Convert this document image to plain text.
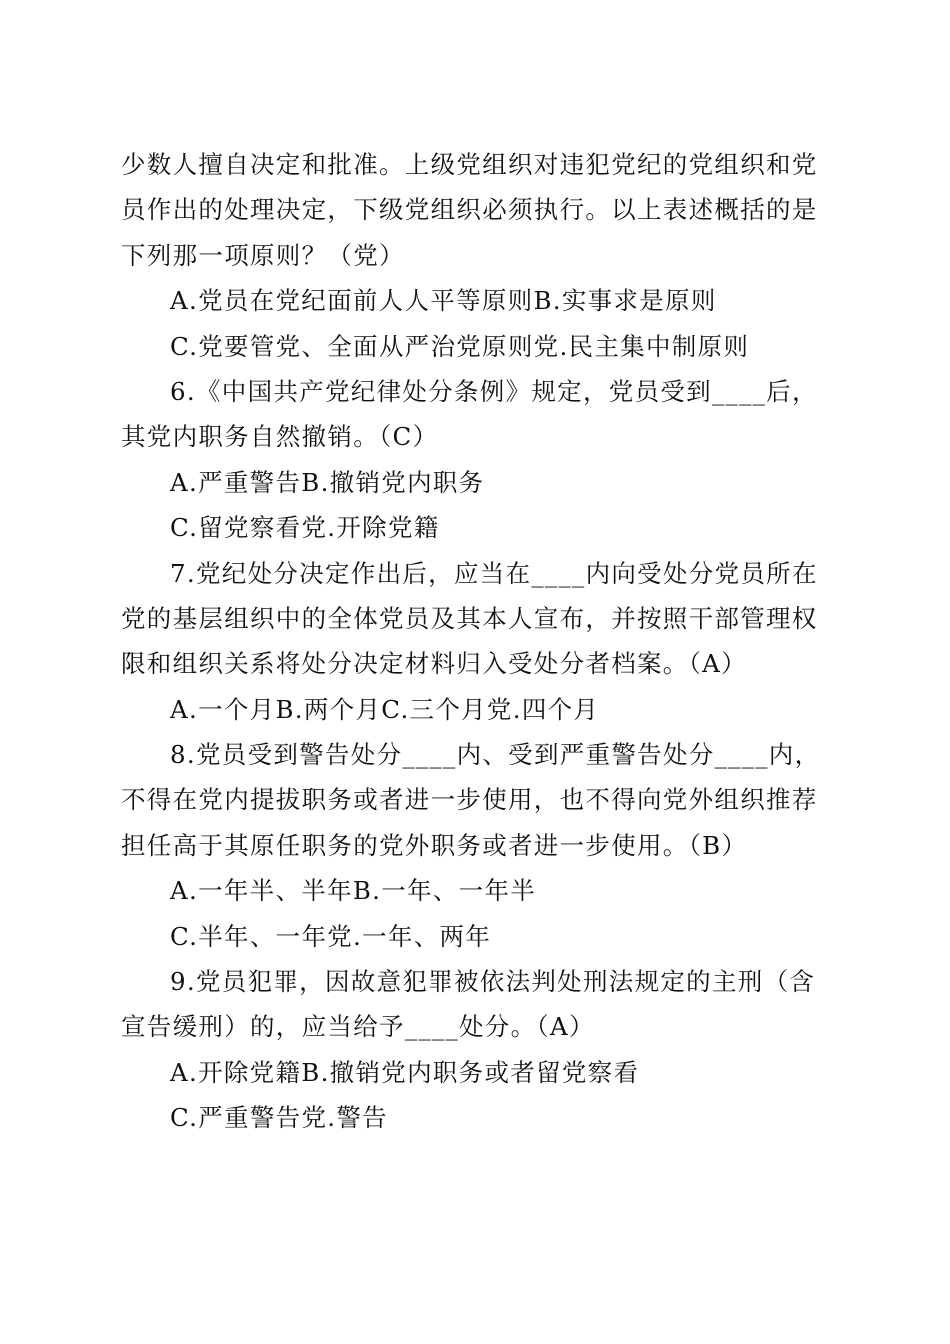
少数人擅自决定和批准。上级党组织对违犯党纪的党组织和党
员作出的处理决定，下级党组织必须执行。以上表述概括的是
下列那一项原则？（党）
A.党员在党纪面前人人平等原则B.实事求是原则
C.党要管党、全面从严治党原则党.民主集中制原则
6.《中国共产党纪律处分条例》规定，党员受到____后，
其党内职务自然撤销。（C）
A.严重警告B.撤销党内职务
C.留党察看党.开除党籍
7.党纪处分决定作出后，应当在____内向受处分党员所在
党的基层组织中的全体党员及其本人宣布，并按照干部管理权
限和组织关系将处分决定材料归入受处分者档案。（A）
A.一个月B.两个月C.三个月党.四个月
8.党员受到警告处分____内、受到严重警告处分____内，
不得在党内提拔职务或者进一步使用，也不得向党外组织推荐
担任高于其原任职务的党外职务或者进一步使用。（B）
A.一年半、半年B.一年、一年半
C.半年、一年党.一年、两年
9.党员犯罪，因故意犯罪被依法判处刑法规定的主刑（含
宣告缓刑）的，应当给予____处分。（A）
A.开除党籍B.撤销党内职务或者留党察看
C.严重警告党.警告
